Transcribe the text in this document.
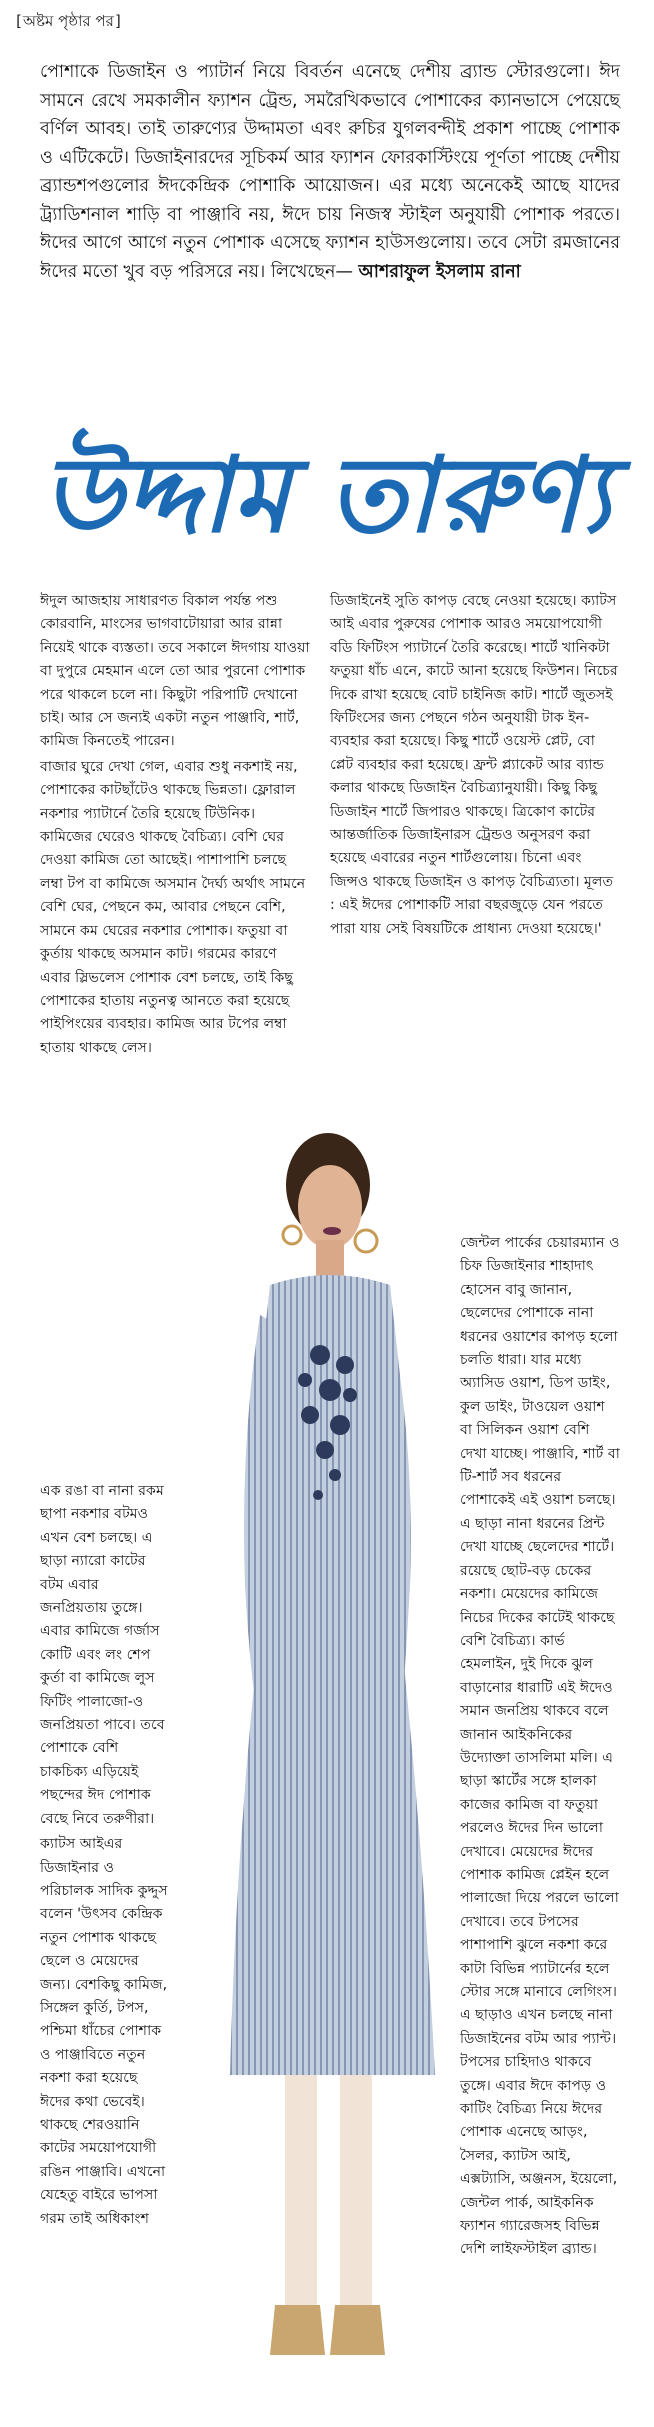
[অষ্টম পৃষ্ঠার পর]
পোশাকে ডিজাইন ও প্যাটার্ন নিয়ে বিবর্তন এনেছে দেশীয় ব্র্যান্ড স্টোরগুলো। ঈদ সামনে রেখে সমকালীন ফ্যাশন ট্রেন্ড, সমরৈখিকভাবে পোশাকের ক্যানভাসে পেয়েছে বর্ণিল আবহ। তাই তারুণ্যের উদ্দামতা এবং রুচির যুগলবন্দীই প্রকাশ পাচ্ছে পোশাক ও এটিকেটে। ডিজাইনারদের সূচিকর্ম আর ফ্যাশন ফোরকাস্টিংয়ে পূর্ণতা পাচ্ছে দেশীয় ব্র্যান্ডশপগুলোর ঈদকেন্দ্রিক পোশাকি আয়োজন। এর মধ্যে অনেকেই আছে যাদের ট্র্যাডিশনাল শাড়ি বা পাঞ্জাবি নয়, ঈদে চায় নিজস্ব স্টাইল অনুযায়ী পোশাক পরতে। ঈদের আগে আগে নতুন পোশাক এসেছে ফ্যাশন হাউসগুলোয়। তবে সেটা রমজানের ঈদের মতো খুব বড় পরিসরে নয়। লিখেছেন— আশরাফুল ইসলাম রানা
উদ্দাম তারুণ্য

ঈদুল আজহায় সাধারণত বিকাল পর্যন্ত পশু কোরবানি, মাংসের ভাগবাটোয়ারা আর রান্না নিয়েই থাকে ব্যস্ততা। তবে সকালে ঈদগায় যাওয়া বা দুপুরে মেহমান এলে তো আর পুরনো পোশাক পরে থাকলে চলে না। কিছুটা পরিপাটি দেখানো চাই। আর সে জন্যই একটা নতুন পাঞ্জাবি, শার্ট, কামিজ কিনতেই পারেন।

বাজার ঘুরে দেখা গেল, এবার শুধু নকশাই নয়, পোশাকের কাটছাঁটেও থাকছে ভিন্নতা। ফ্লোরাল নকশার প্যাটার্নে তৈরি হয়েছে টিউনিক। কামিজের ঘেরেও থাকছে বৈচিত্র্য। বেশি ঘের দেওয়া কামিজ তো আছেই। পাশাপাশি চলছে লম্বা টপ বা কামিজে অসমান দৈর্ঘ্য অর্থাৎ সামনে বেশি ঘের, পেছনে কম, আবার পেছনে বেশি, সামনে কম ঘেরের নকশার পোশাক। ফতুয়া বা কুর্তায় থাকছে অসমান কাট। গরমের কারণে এবার স্লিভলেস পোশাক বেশ চলছে, তাই কিছু পোশাকের হাতায় নতুনত্ব আনতে করা হয়েছে পাইপিংয়ের ব্যবহার। কামিজ আর টপের লম্বা হাতায় থাকছে লেস।

এক রঙা বা নানা রকম ছাপা নকশার বটমও এখন বেশ চলছে। এ ছাড়া ন্যারো কাটের বটম এবার জনপ্রিয়তায় তুঙ্গে। এবার কামিজে গর্জাস কোটি এবং লং শেপ কুর্তা বা কামিজে লুস ফিটিং পালাজো-ও জনপ্রিয়তা পাবে। তবে পোশাকে বেশি চাকচিক্য এড়িয়েই পছন্দের ঈদ পোশাক বেছে নিবে তরুণীরা।

ক্যাটস আইএর ডিজাইনার ও পরিচালক সাদিক কুদ্দুস বলেন 'উৎসব কেন্দ্রিক নতুন পোশাক থাকছে ছেলে ও মেয়েদের জন্য। বেশকিছু কামিজ, সিঙ্গেল কুর্তি, টপস, পশ্চিমা ধাঁচের পোশাক ও পাঞ্জাবিতে নতুন নকশা করা হয়েছে ঈদের কথা ভেবেই। থাকছে শেরওয়ানি কাটের সময়োপযোগী রঙিন পাঞ্জাবি। এখনো যেহেতু বাইরে ভাপসা গরম তাই অধিকাংশ

ডিজাইনেই সুতি কাপড় বেছে নেওয়া হয়েছে। ক্যাটস আই এবার পুরুষের পোশাক আরও সময়োপযোগী বডি ফিটিংস প্যাটার্নে তৈরি করেছে। শার্টে খানিকটা ফতুয়া ধাঁচ এনে, কাটে আনা হয়েছে ফিউশন। নিচের দিকে রাখা হয়েছে বোট চাইনিজ কাট। শার্টে জুতসই ফিটিংসের জন্য পেছনে গঠন অনুযায়ী টাক ইন-ব্যবহার করা হয়েছে। কিছু শার্টে ওয়েস্ট প্লেট, বো প্লেট ব্যবহার করা হয়েছে। ফ্রন্ট প্ল্যাকেট আর ব্যান্ড কলার থাকছে ডিজাইন বৈচিত্র্যানুযায়ী। কিছু কিছু ডিজাইন শার্টে জিপারও থাকছে। ত্রিকোণ কাটের আন্তর্জাতিক ডিজাইনারস ট্রেন্ডও অনুসরণ করা হয়েছে এবারের নতুন শার্টগুলোয়। চিনো এবং জিন্সও থাকছে ডিজাইন ও কাপড় বৈচিত্র্যতা। মূলত : এই ঈদের পোশাকটি সারা বছরজুড়ে যেন পরতে পারা যায় সেই বিষয়টিকে প্রাধান্য দেওয়া হয়েছে।'

জেন্টল পার্কের চেয়ারম্যান ও চিফ ডিজাইনার শাহাদাৎ হোসেন বাবু জানান, ছেলেদের পোশাকে নানা ধরনের ওয়াশের কাপড় হলো চলতি ধারা। যার মধ্যে অ্যাসিড ওয়াশ, ডিপ ডাইং, কুল ডাইং, টাওয়েল ওয়াশ বা সিলিকন ওয়াশ বেশি দেখা যাচ্ছে। পাঞ্জাবি, শার্ট বা টি-শার্ট সব ধরনের পোশাকেই এই ওয়াশ চলছে। এ ছাড়া নানা ধরনের প্রিন্ট দেখা যাচ্ছে ছেলেদের শার্টে। রয়েছে ছোট-বড় চেকের নকশা। মেয়েদের কামিজে নিচের দিকের কাটেই থাকছে বেশি বৈচিত্র্য। কার্ভ হেমলাইন, দুই দিকে ঝুল বাড়ানোর ধারাটি এই ঈদেও সমান জনপ্রিয় থাকবে বলে জানান আইকনিকের উদ্যোক্তা তাসলিমা মলি। এ ছাড়া স্কার্টের সঙ্গে হালকা কাজের কামিজ বা ফতুয়া পরলেও ঈদের দিন ভালো দেখাবে। মেয়েদের ঈদের পোশাক কামিজ প্লেইন হলে পালাজো দিয়ে পরলে ভালো দেখাবে। তবে টপসের পাশাপাশি ঝুলে নকশা করে কাটা বিভিন্ন প্যাটার্নের হলে স্টোর সঙ্গে মানাবে লেগিংস। এ ছাড়াও এখন চলছে নানা ডিজাইনের বটম আর প্যান্ট। টপসের চাহিদাও থাকবে তুঙ্গে। এবার ঈদে কাপড় ও কাটিং বৈচিত্র্য নিয়ে ঈদের পোশাক এনেছে আড়ং, সৈলর, ক্যাটস আই, এক্সট্যাসি, অঞ্জনস, ইয়েলো, জেন্টল পার্ক, আইকনিক ফ্যাশন গ্যারেজসহ বিভিন্ন দেশি লাইফস্টাইল ব্র্যান্ড।
